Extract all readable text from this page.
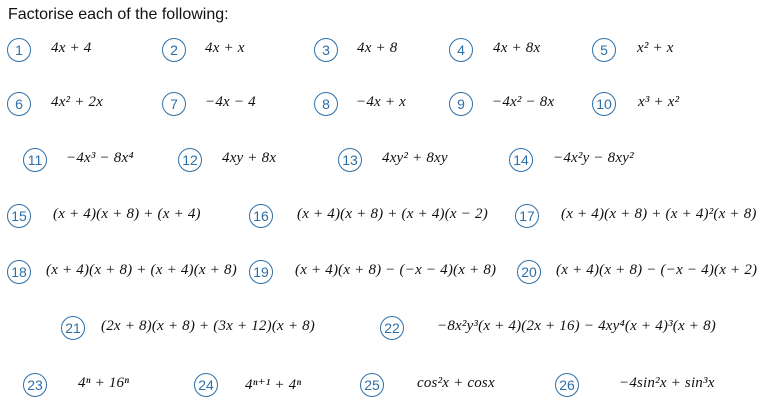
Factorise each of the following:
1	4x + 4	2	4x + x	3	4x + 8	4	4x + 8x	5	x² + x
6	4x² + 2x	7	−4x − 4	8	−4x + x	9	−4x² − 8x	10 x³ + x²
11	−4x³ − 8x⁴	12 4xy + 8x	13 4xy² + 8xy	14 −4x²y − 8xy²
15 (x + 4)(x + 8) + (x + 4)	16 (x + 4)(x + 8) + (x + 4)(x − 2)	17 (x + 4)(x + 8) + (x + 4)²(x + 8)
18 (x + 4)(x + 8) + (x + 4)(x + 8)	19 (x + 4)(x + 8) − (−x − 4)(x + 8)	20 (x + 4)(x + 8) − (−x − 4)(x + 2)
21 (2x + 8)(x + 8) + (3x + 12)(x + 8)	22 −8x²y³(x + 4)(2x + 16) − 4xy⁴(x + 4)³(x + 8)
23 4ⁿ + 16ⁿ	24 4ⁿ⁺¹ + 4ⁿ	25 cos²x + cosx	26	−4sin²x + sin³x
